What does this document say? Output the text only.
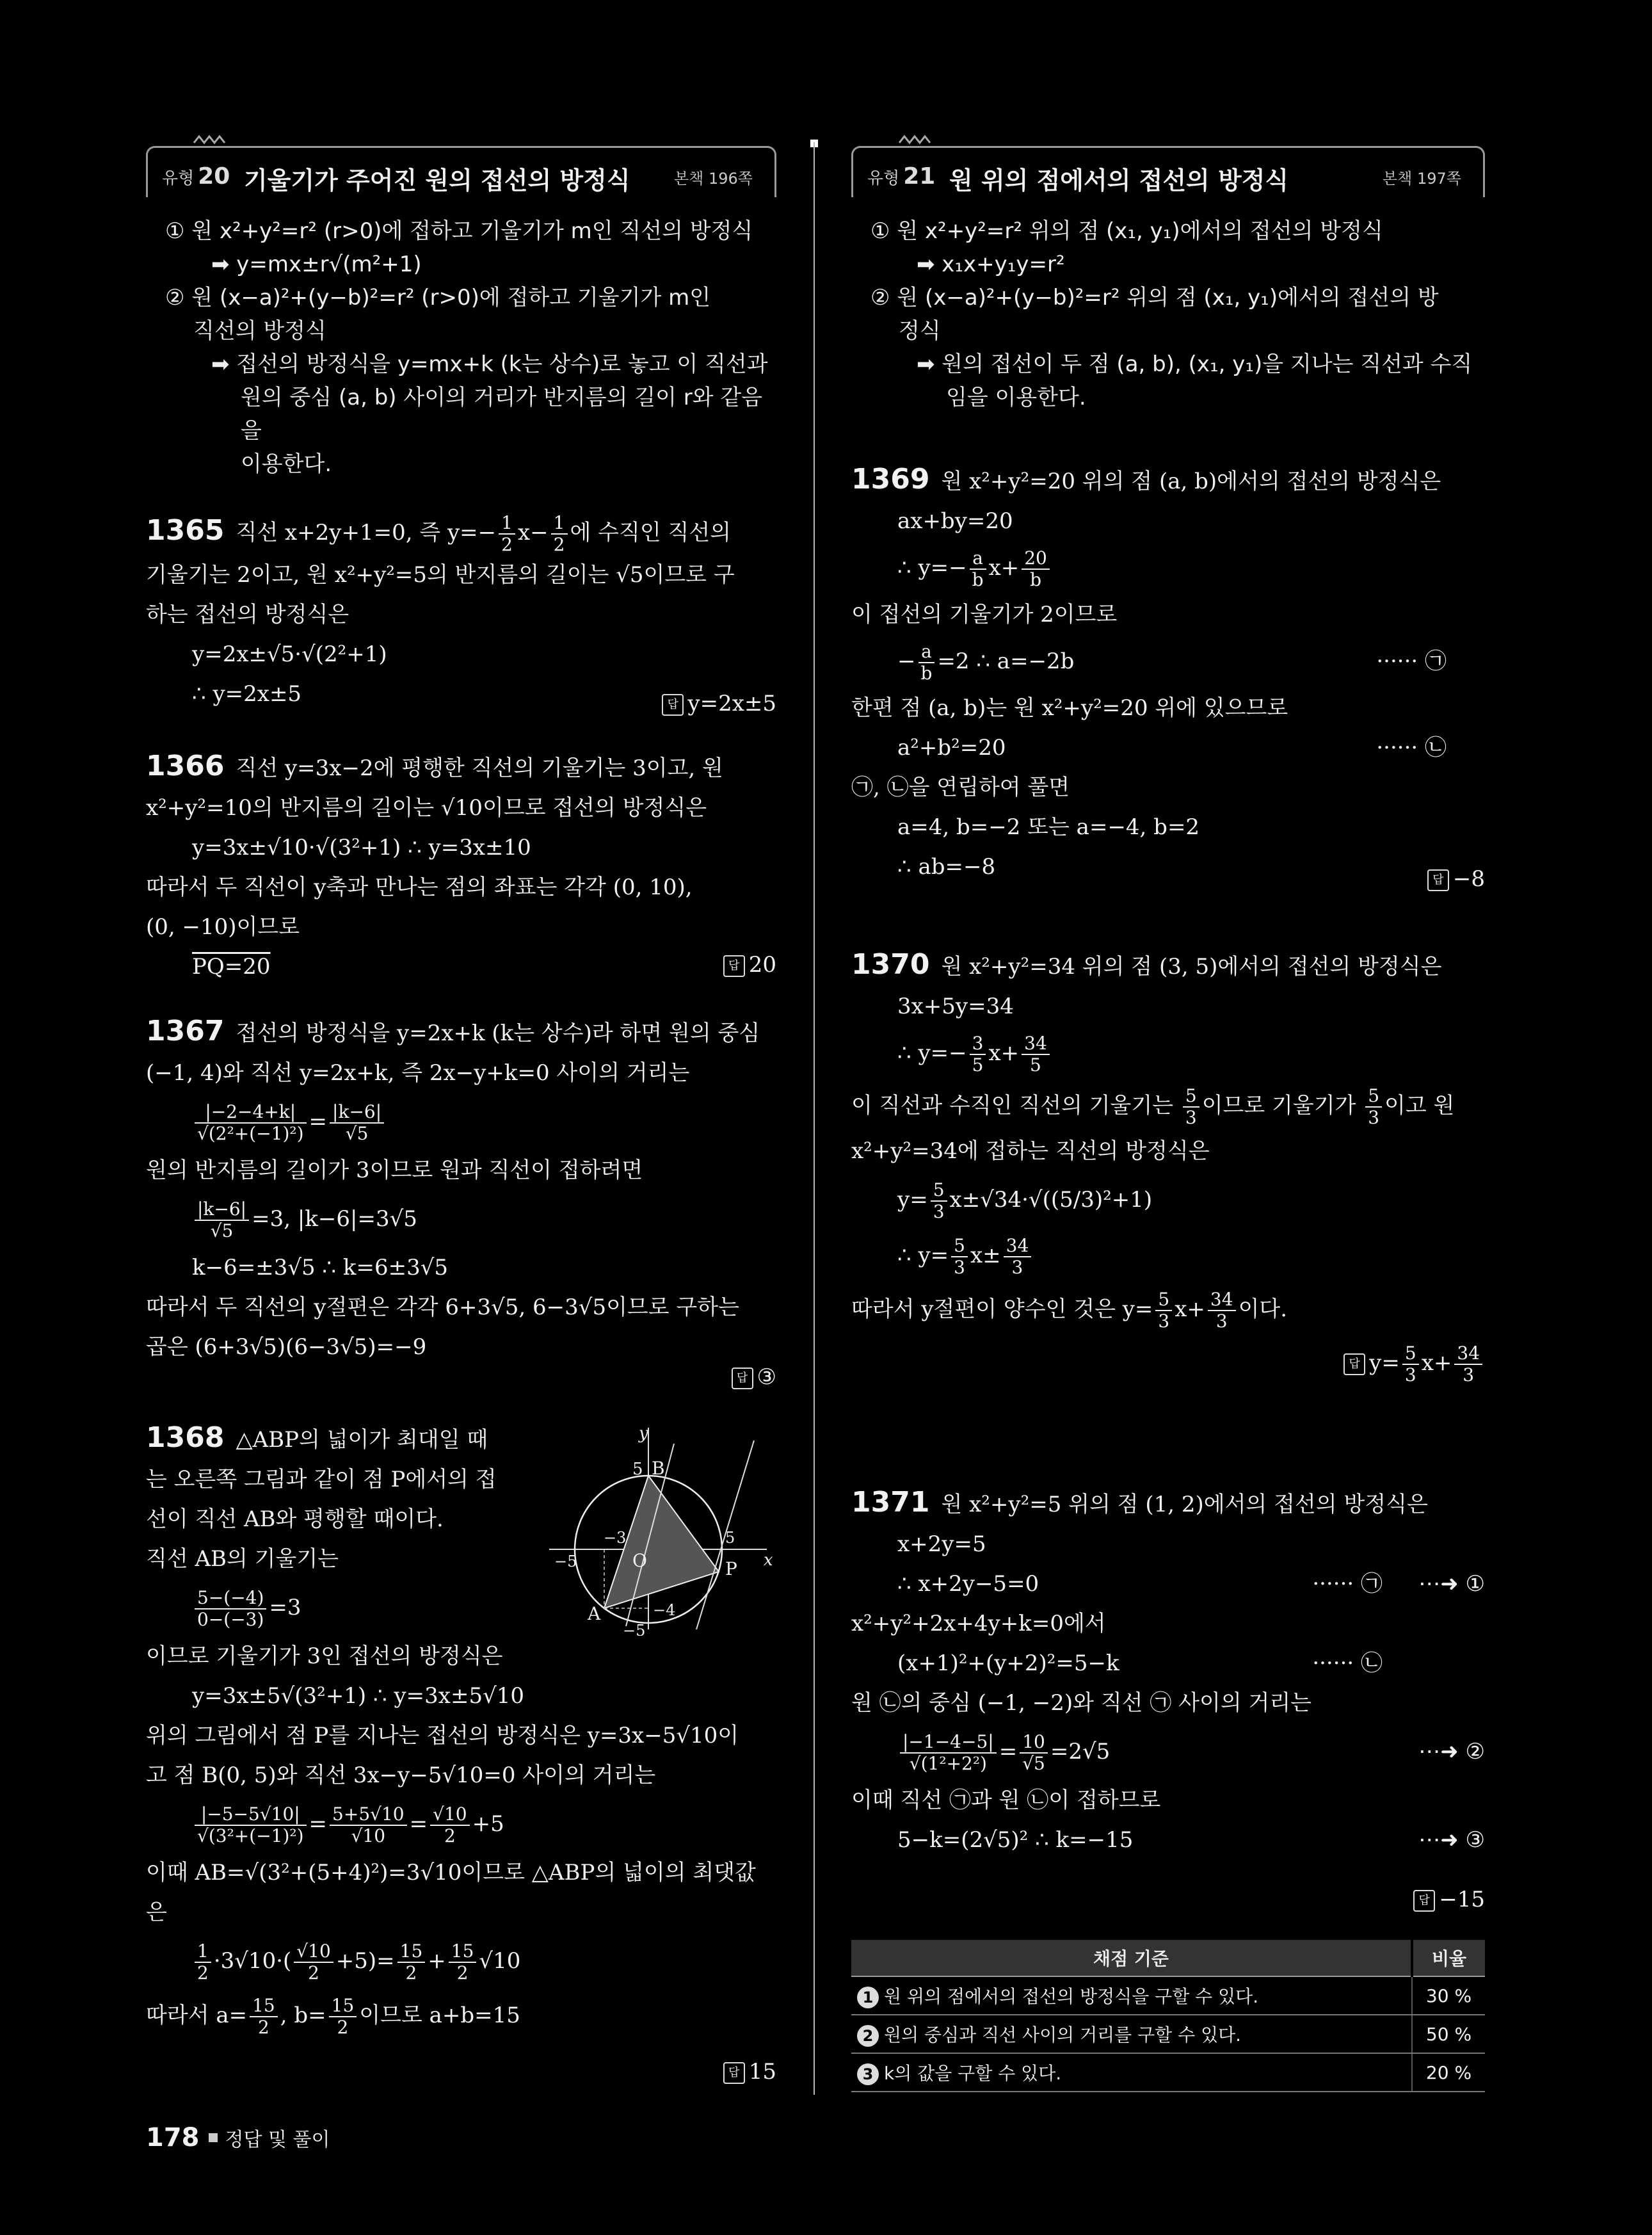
유형 20 기울기가 주어진 원의 접선의 방정식	본책 196쪽
① 원 x²+y²=r² (r>0)에 접하고 기울기가 m인 직선의 방정식
➡ y=mx±r√(m²+1)
② 원 (x−a)²+(y−b)²=r² (r>0)에 접하고 기울기가 m인
직선의 방정식
➡ 접선의 방정식을 y=mx+k (k는 상수)로 놓고 이 직선과
원의 중심 (a, b) 사이의 거리가 반지름의 길이 r와 같음을
이용한다.
1365 직선 x+2y+1=0, 즉 $y=- \frac{1}{2} x- \frac{1}{2}$ 에 수직인 직선의
기울기는 2이고, 원 x²+y²=5의 반지름의 길이는 √5이므로 구
하는 접선의 방정식은
y=2x±√5·√(2²+1)
∴ y=2x±5	답 y=2x±5
1366 직선 y=3x−2에 평행한 직선의 기울기는 3이고, 원
x²+y²=10의 반지름의 길이는 √10이므로 접선의 방정식은
y=3x±√10·√(3²+1) ∴ y=3x±10
따라서 두 직선이 y축과 만나는 점의 좌표는 각각 (0, 10),
(0, −10)이므로
PQ=20	답 20
1367 접선의 방정식을 y=2x+k (k는 상수)라 하면 원의 중심
(−1, 4)와 직선 y=2x+k, 즉 2x−y+k=0 사이의 거리는
$\frac{|-2-4+k|}{\text{√(2²+(−1)²)}} = \frac{|k-6|}{√5}$
원의 반지름의 길이가 3이므로 원과 직선이 접하려면
$\frac{|k-6|}{√5} =3$, |k−6|=3√5
k−6=±3√5 ∴ k=6±3√5
따라서 두 직선의 y절편은 각각 6+3√5, 6−3√5이므로 구하는
곱은 (6+3√5)(6−3√5)=−9
답 ③
1368 △ABP의 넓이가 최대일 때
는 오른쪽 그림과 같이 점 P에서의 접
선이 직선 AB와 평행할 때이다.
직선 AB의 기울기는
$\frac{5-(-4)}{0-(-3)} =3$
이므로 기울기가 3인 접선의 방정식은
y=3x±5√(3²+1) ∴ y=3x±5√10
위의 그림에서 점 P를 지나는 접선의 방정식은 y=3x−5√10이
고 점 B(0, 5)와 직선 3x−y−5√10=0 사이의 거리는
$\frac{|-5-5√10|}{\text{√(3²+(−1)²)}} = \frac{5+5√10}{√10} = \frac{√10}{2} +5$
이때 AB=√(3²+(5+4)²)=3√10이므로 △ABP의 넓이의 최댓값
은
$\frac{1}{2} \cdot 3√10\cdot( \frac{√10}{2} +5)= \frac{15}{2} + \frac{15}{2} √10$
따라서 $a= \frac{15}{2}$ , $b= \frac{15}{2}$ 이므로 a+b=15
답 15
y
x
5 B
−3
−5	O
5
P
A	−4
−5
유형 21 원 위의 점에서의 접선의 방정식	본책 197쪽
① 원 x²+y²=r² 위의 점 (x₁, y₁)에서의 접선의 방정식
➡ x₁x+y₁y=r²
② 원 (x−a)²+(y−b)²=r² 위의 점 (x₁, y₁)에서의 접선의 방
정식
➡ 원의 접선이 두 점 (a, b), (x₁, y₁)을 지나는 직선과 수직
임을 이용한다.
1369 원 x²+y²=20 위의 점 (a, b)에서의 접선의 방정식은
ax+by=20
∴ $y=- \frac{a}{b} x+ \frac{20}{b}$
이 접선의 기울기가 2이므로
− $\frac{a}{b} =2$ ∴ a=−2b	······ ㉠
한편 점 (a, b)는 원 x²+y²=20 위에 있으므로
a²+b²=20	······ ㉡
㉠, ㉡을 연립하여 풀면
a=4, b=−2 또는 a=−4, b=2
∴ ab=−8
답 −8
1370 원 x²+y²=34 위의 점 (3, 5)에서의 접선의 방정식은
3x+5y=34
∴ $y=- \frac{3}{5} x+ \frac{34}{5}$
이 직선과 수직인 직선의 기울기는 $\frac{5}{3}$ 이므로 기울기가 $\frac{5}{3}$ 이고 원
x²+y²=34에 접하는 직선의 방정식은
$y= \frac{5}{3} x\pm√34\cdot√((5/3)^2+1)$
∴ $y= \frac{5}{3} x\pm \frac{34}{3}$
따라서 y절편이 양수인 것은 $y= \frac{5}{3} x+ \frac{34}{3}$ 이다.
답 $y= \frac{5}{3} x+ \frac{34}{3}$
1371 원 x²+y²=5 위의 점 (1, 2)에서의 접선의 방정식은
x+2y=5
∴ x+2y−5=0	······ ㉠ ⋯➜ ①
x²+y²+2x+4y+k=0에서
(x+1)²+(y+2)²=5−k	······ ㉡
원 ㉡의 중심 (−1, −2)와 직선 ㉠ 사이의 거리는
$\frac{|-1-4-5|}{\text{√(1²+2²)}} = \frac{10}{√5} =2√5$	⋯➜ ②
이때 직선 ㉠과 원 ㉡이 접하므로
5−k=(2√5)² ∴ k=−15	⋯➜ ③
답 −15
채점 기준	비율
1 원 위의 점에서의 접선의 방정식을 구할 수 있다.	30 %
2 원의 중심과 직선 사이의 거리를 구할 수 있다.	50 %
3 k의 값을 구할 수 있다.	20 %
178 정답 및 풀이
